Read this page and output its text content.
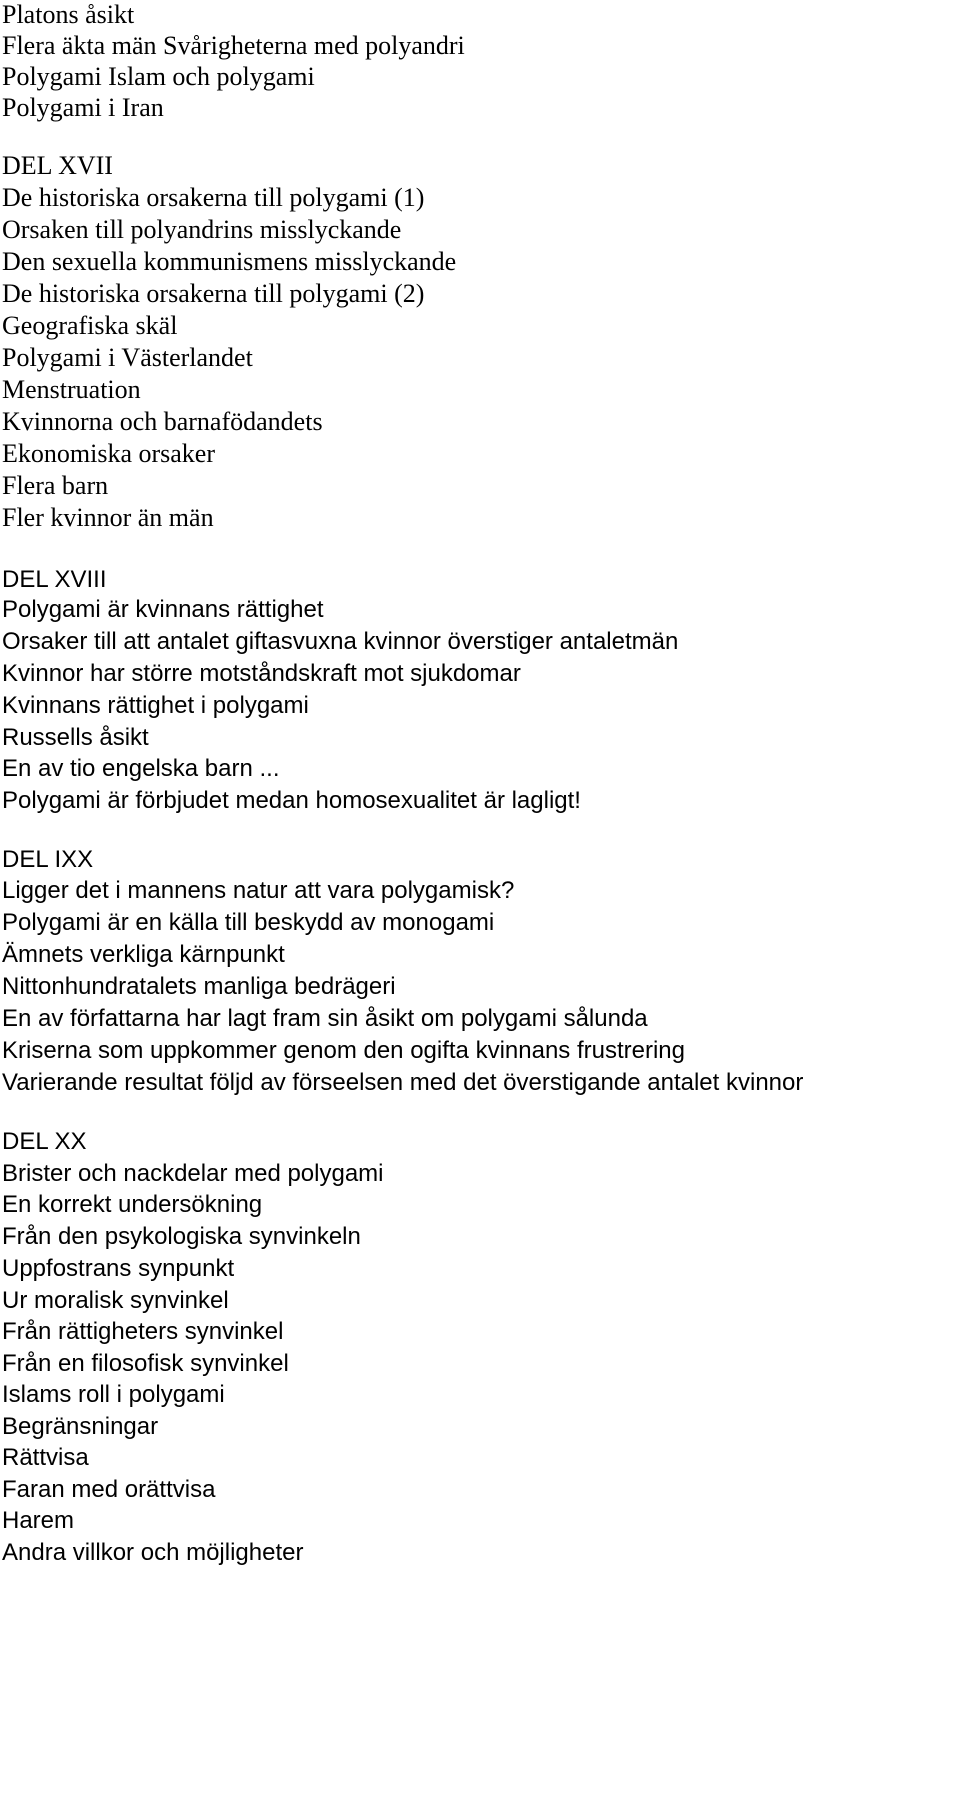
Platons åsikt
Flera äkta män Svårigheterna med polyandri
Polygami Islam och polygami
Polygami i Iran
DEL XVII
De historiska orsakerna till polygami (1)
Orsaken till polyandrins misslyckande
Den sexuella kommunismens misslyckande
De historiska orsakerna till polygami (2)
Geografiska skäl
Polygami i Västerlandet
Menstruation
Kvinnorna och barnafödandets
Ekonomiska orsaker
Flera barn
Fler kvinnor än män
DEL XVIII
Polygami är kvinnans rättighet
Orsaker till att antalet giftasvuxna kvinnor överstiger antaletmän
Kvinnor har större motståndskraft mot sjukdomar
Kvinnans rättighet i polygami
Russells åsikt
En av tio engelska barn ...
Polygami är förbjudet medan homosexualitet är lagligt!
DEL IXX
Ligger det i mannens natur att vara polygamisk?
Polygami är en källa till beskydd av monogami
Ämnets verkliga kärnpunkt
Nittonhundratalets manliga bedrägeri
En av författarna har lagt fram sin åsikt om polygami sålunda
Kriserna som uppkommer genom den ogifta kvinnans frustrering
Varierande resultat följd av förseelsen med det överstigande antalet kvinnor
DEL XX
Brister och nackdelar med polygami
En korrekt undersökning
Från den psykologiska synvinkeln
Uppfostrans synpunkt
Ur moralisk synvinkel
Från rättigheters synvinkel
Från en filosofisk synvinkel
Islams roll i polygami
Begränsningar
Rättvisa
Faran med orättvisa
Harem
Andra villkor och möjligheter
